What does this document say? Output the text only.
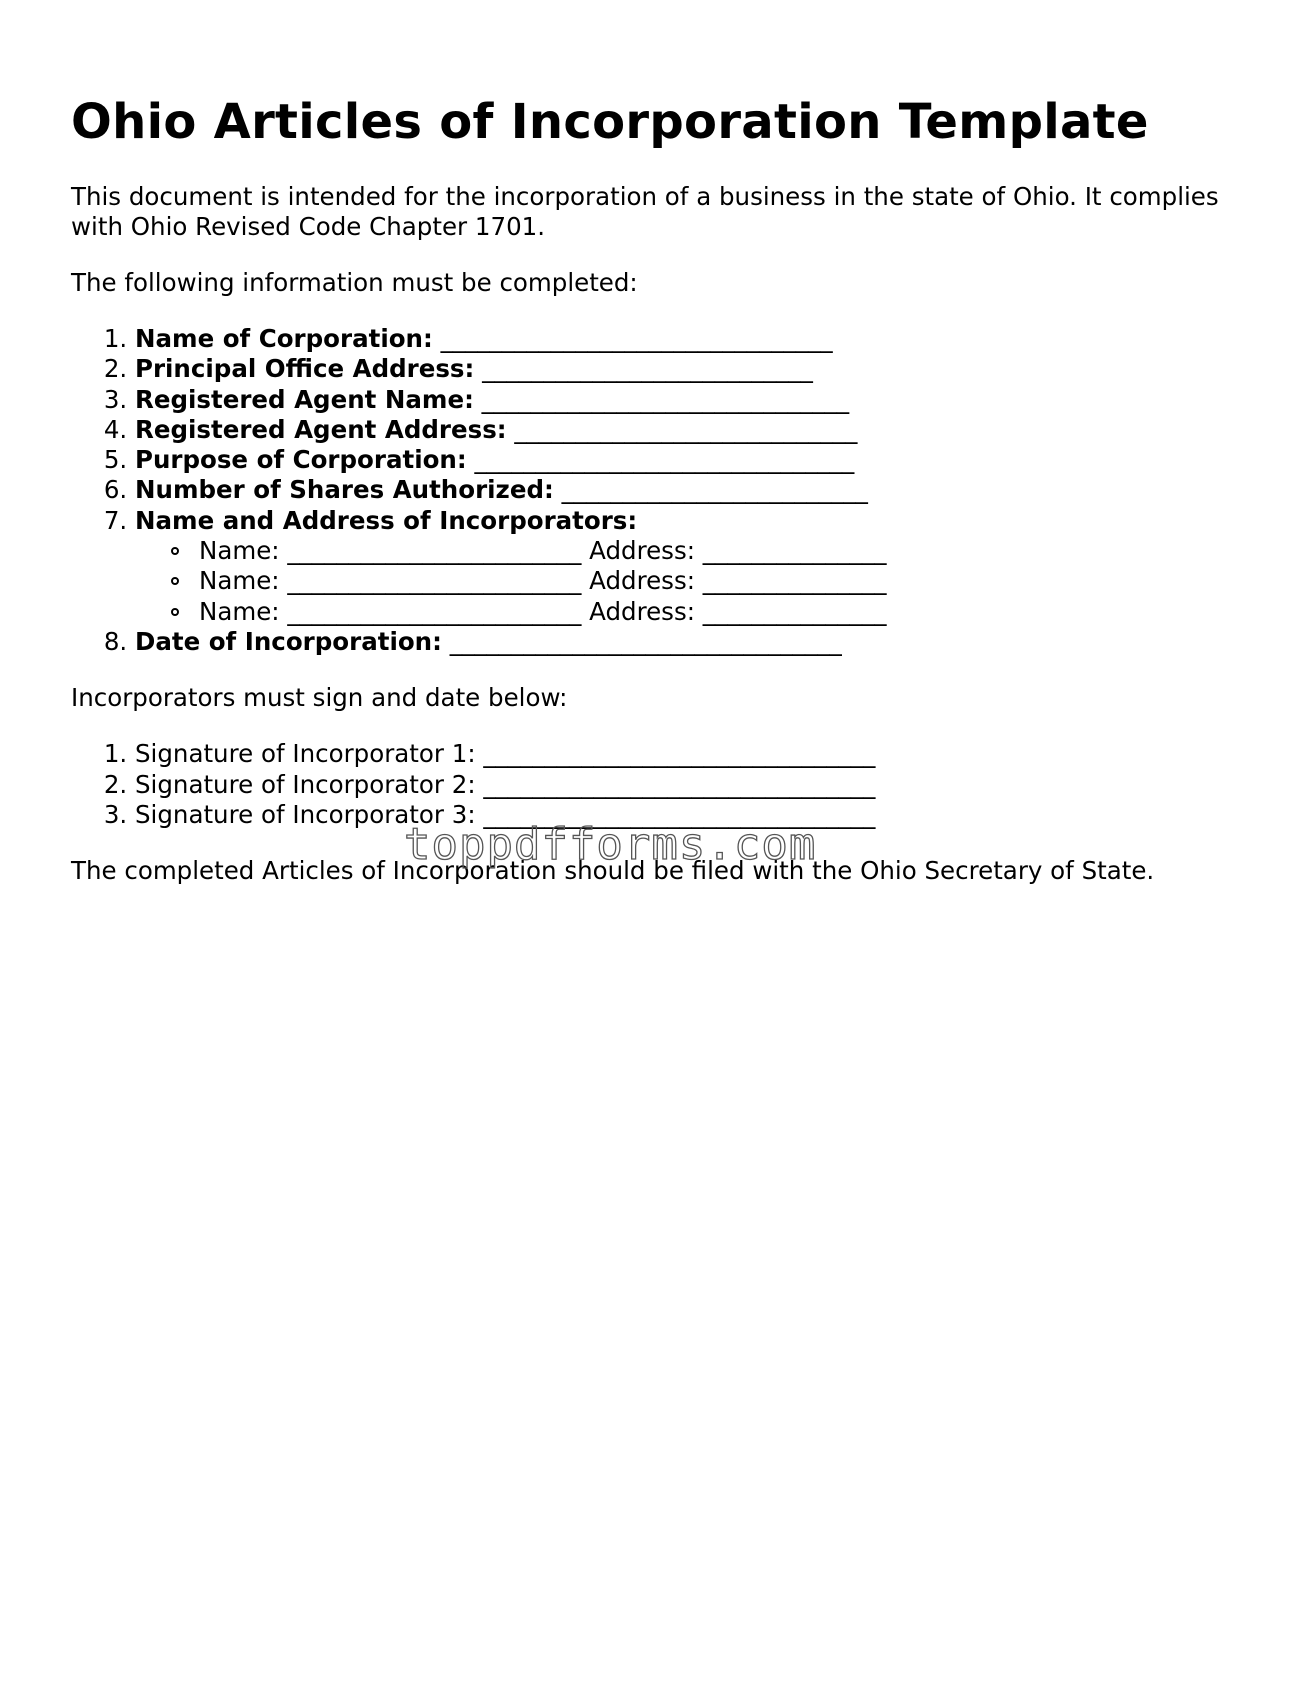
Ohio Articles of Incorporation Template

This document is intended for the incorporation of a business in the state of Ohio. It complies with Ohio Revised Code Chapter 1701.

The following information must be completed:

1. Name of Corporation: ________________________________
2. Principal Office Address: ___________________________
3. Registered Agent Name: ______________________________
4. Registered Agent Address: ____________________________
5. Purpose of Corporation: _______________________________
6. Number of Shares Authorized: _________________________
7. Name and Address of Incorporators:
Name: ________________________ Address: _______________
Name: ________________________ Address: _______________
Name: ________________________ Address: _______________
8. Date of Incorporation: ________________________________

Incorporators must sign and date below:

1. Signature of Incorporator 1: ________________________________
2. Signature of Incorporator 2: ________________________________
3. Signature of Incorporator 3: ________________________________

The completed Articles of Incorporation should be filed with the Ohio Secretary of State.

toppdfforms.com
